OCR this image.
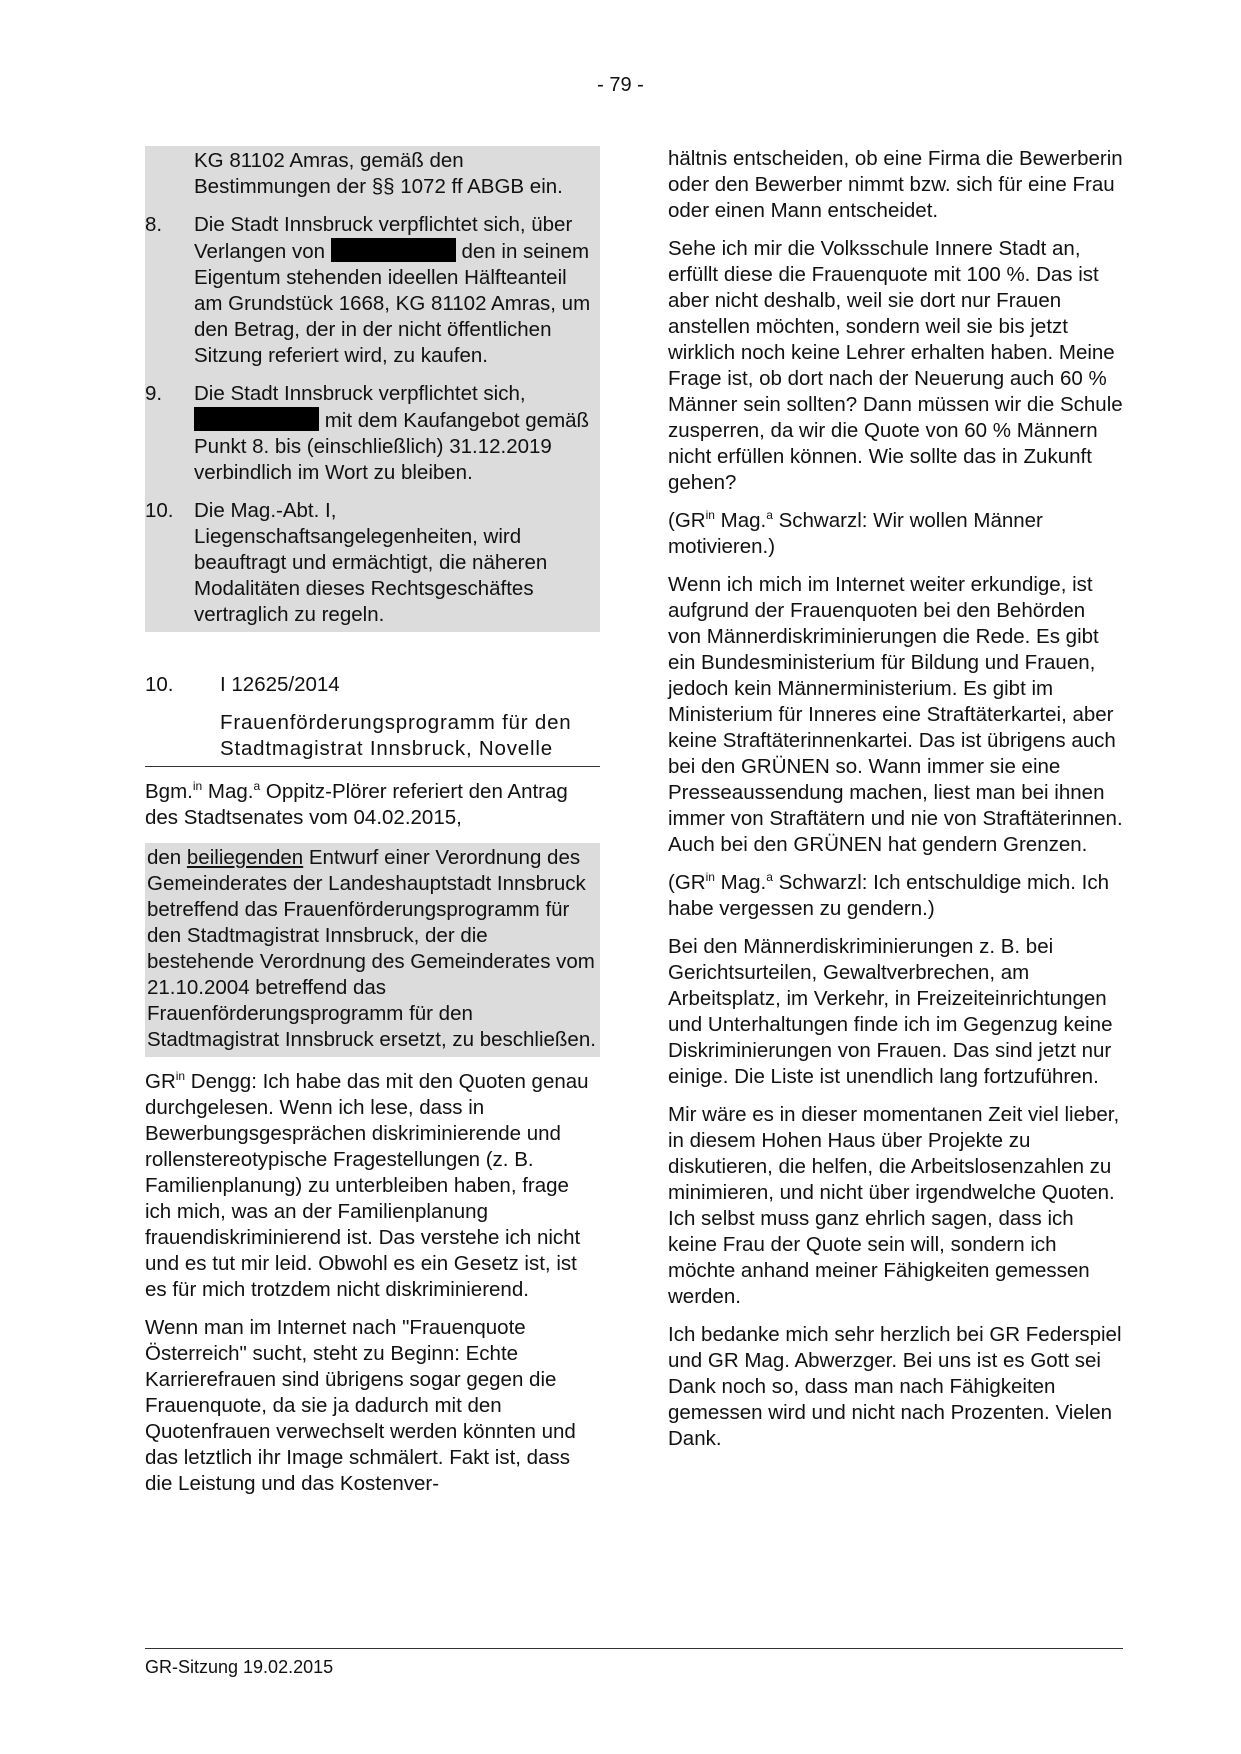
- 79 -
KG 81102 Amras, gemäß den Bestimmungen der §§ 1072 ff ABGB ein.
8.	Die Stadt Innsbruck verpflichtet sich, über Verlangen von	den in seinem Eigentum stehenden ideellen Hälfteanteil am Grundstück 1668, KG 81102 Amras, um den Betrag, der in der nicht öffentlichen Sitzung referiert wird, zu kaufen.
9.	Die Stadt Innsbruck verpflichtet sich,  mit dem Kaufangebot gemäß Punkt 8. bis (einschließlich) 31.12.2019 verbindlich im Wort zu bleiben.
10.	Die Mag.-Abt. I, Liegenschaftsangelegenheiten, wird beauftragt und ermächtigt, die näheren Modalitäten dieses Rechtsgeschäftes vertraglich zu regeln.
10.	I 12625/2014
Frauenförderungsprogramm für den Stadtmagistrat Innsbruck, Novelle

Bgm.$^{in}$ Mag.$^a$ Oppitz-Plörer referiert den Antrag des Stadtsenates vom 04.02.2015,

den beiliegenden Entwurf einer Verordnung des Gemeinderates der Landeshauptstadt Innsbruck betreffend das Frauenförderungsprogramm für den Stadtmagistrat Innsbruck, der die bestehende Verordnung des Gemeinderates vom 21.10.2004 betreffend das Frauenförderungsprogramm für den Stadtmagistrat Innsbruck ersetzt, zu beschließen.

$GR^{in}$ Dengg: Ich habe das mit den Quoten genau durchgelesen. Wenn ich lese, dass in Bewerbungsgesprächen diskriminierende und rollenstereotypische Fragestellungen (z. B. Familienplanung) zu unterbleiben haben, frage ich mich, was an der Familienplanung frauendiskriminierend ist. Das verstehe ich nicht und es tut mir leid. Obwohl es ein Gesetz ist, ist es für mich trotzdem nicht diskriminierend.

Wenn man im Internet nach "Frauenquote Österreich" sucht, steht zu Beginn: Echte Karrierefrauen sind übrigens sogar gegen die Frauenquote, da sie ja dadurch mit den Quotenfrauen verwechselt werden könnten und das letztlich ihr Image schmälert. Fakt ist, dass die Leistung und das Kostenver-

hältnis entscheiden, ob eine Firma die Bewerberin oder den Bewerber nimmt bzw. sich für eine Frau oder einen Mann entscheidet.

Sehe ich mir die Volksschule Innere Stadt an, erfüllt diese die Frauenquote mit 100 %. Das ist aber nicht deshalb, weil sie dort nur Frauen anstellen möchten, sondern weil sie bis jetzt wirklich noch keine Lehrer erhalten haben. Meine Frage ist, ob dort nach der Neuerung auch 60 % Männer sein sollten? Dann müssen wir die Schule zusperren, da wir die Quote von 60 % Männern nicht erfüllen können. Wie sollte das in Zukunft gehen?

($GR^{in}$ Mag.$^a$ Schwarzl: Wir wollen Männer motivieren.)

Wenn ich mich im Internet weiter erkundige, ist aufgrund der Frauenquoten bei den Behörden von Männerdiskriminierungen die Rede. Es gibt ein Bundesministerium für Bildung und Frauen, jedoch kein Männerministerium. Es gibt im Ministerium für Inneres eine Straftäterkartei, aber keine Straftäterinnenkartei. Das ist übrigens auch bei den GRÜNEN so. Wann immer sie eine Presseaussendung machen, liest man bei ihnen immer von Straftätern und nie von Straftäterinnen. Auch bei den GRÜNEN hat gendern Grenzen.

($GR^{in}$ Mag.$^a$ Schwarzl: Ich entschuldige mich. Ich habe vergessen zu gendern.)

Bei den Männerdiskriminierungen z. B. bei Gerichtsurteilen, Gewaltverbrechen, am Arbeitsplatz, im Verkehr, in Freizeiteinrichtungen und Unterhaltungen finde ich im Gegenzug keine Diskriminierungen von Frauen. Das sind jetzt nur einige. Die Liste ist unendlich lang fortzuführen.

Mir wäre es in dieser momentanen Zeit viel lieber, in diesem Hohen Haus über Projekte zu diskutieren, die helfen, die Arbeitslosenzahlen zu minimieren, und nicht über irgendwelche Quoten. Ich selbst muss ganz ehrlich sagen, dass ich keine Frau der Quote sein will, sondern ich möchte anhand meiner Fähigkeiten gemessen werden.

Ich bedanke mich sehr herzlich bei GR Federspiel und GR Mag. Abwerzger. Bei uns ist es Gott sei Dank noch so, dass man nach Fähigkeiten gemessen wird und nicht nach Prozenten. Vielen Dank.

GR-Sitzung 19.02.2015
